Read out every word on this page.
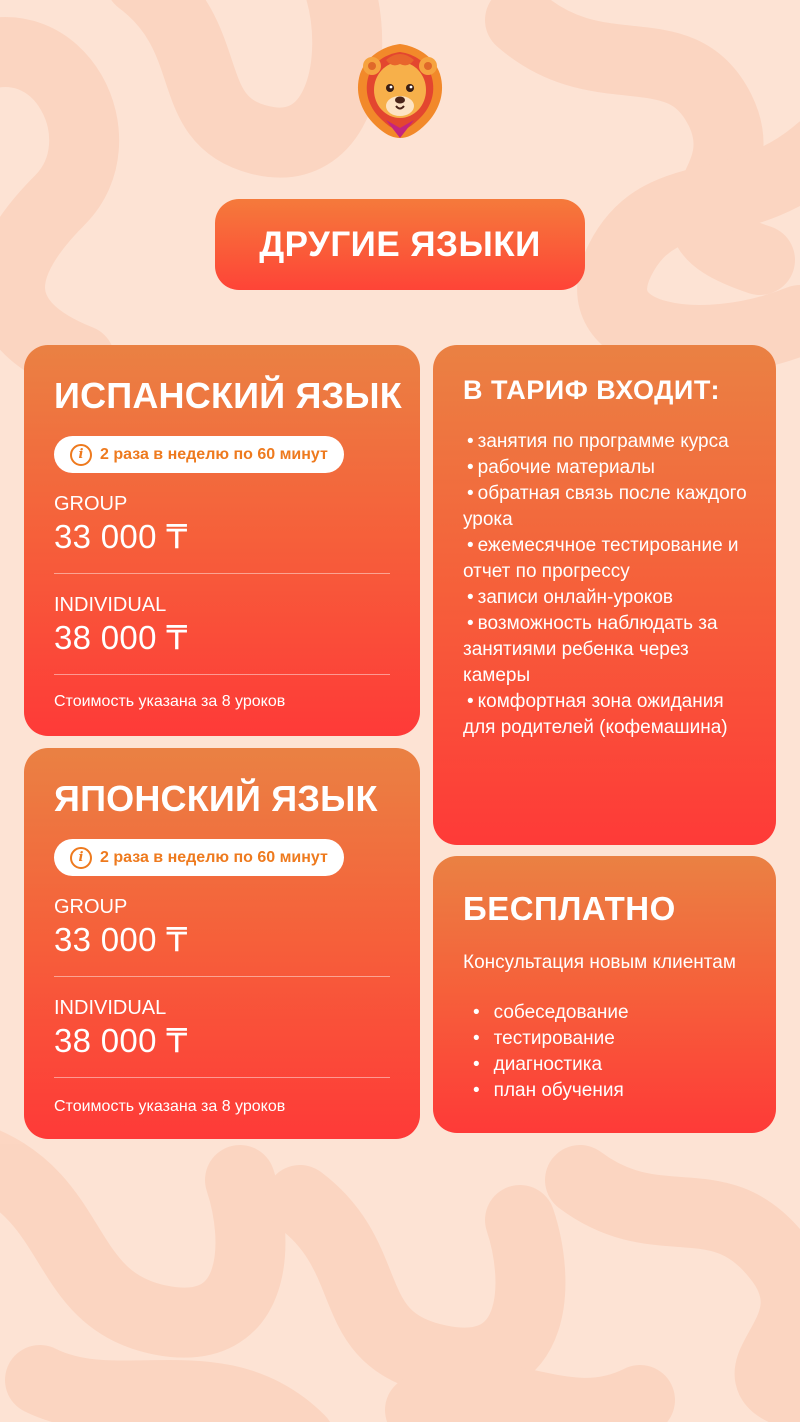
ДРУГИЕ ЯЗЫКИ
ИСПАНСКИЙ ЯЗЫК
i	2 раза в неделю по 60 минут
GROUP
33 000 ₸
INDIVIDUAL
38 000 ₸
Стоимость указана за 8 уроков
ЯПОНСКИЙ ЯЗЫК
i	2 раза в неделю по 60 минут
GROUP
33 000 ₸
INDIVIDUAL
38 000 ₸
Стоимость указана за 8 уроков
В ТАРИФ ВХОДИТ:
• занятия по программе курса
• рабочие материалы
• обратная связь после каждого урока
• ежемесячное тестирование и отчет по прогрессу
• записи онлайн-уроков
• возможность наблюдать за занятиями ребенка через камеры
• комфортная зона ожидания для родителей (кофемашина)
БЕСПЛАТНО
Консультация новым клиентам
• собеседование
• тестирование
• диагностика
• план обучения
